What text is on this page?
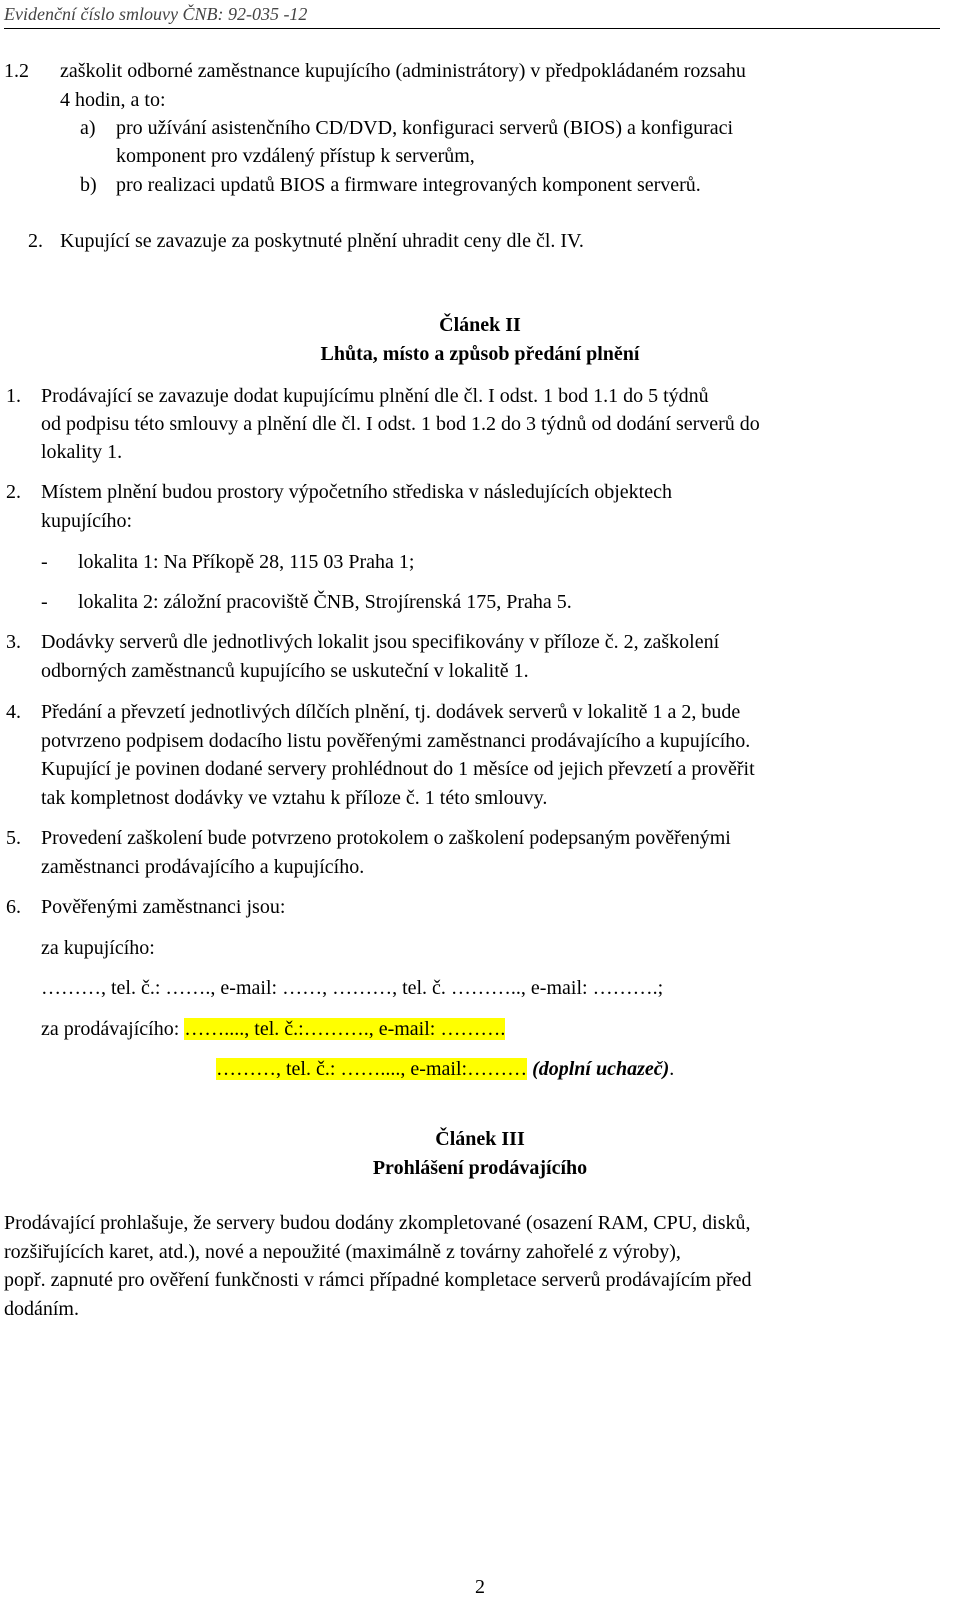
Evidenční číslo smlouvy ČNB: 92-035 -12
1.2 zaškolit odborné zaměstnance kupujícího (administrátory) v předpokládaném rozsahu
4 hodin, a to:
a) pro užívání asistenčního CD/DVD, konfiguraci serverů (BIOS) a konfiguraci
komponent pro vzdálený přístup k serverům,
b) pro realizaci updatů BIOS a firmware integrovaných komponent serverů.
2. Kupující se zavazuje za poskytnuté plnění uhradit ceny dle čl. IV.
Článek II
Lhůta, místo a způsob předání plnění
1. Prodávající se zavazuje dodat kupujícímu plnění dle čl. I odst. 1 bod 1.1 do 5 týdnů
od podpisu této smlouvy a plnění dle čl. I odst. 1 bod 1.2 do 3 týdnů od dodání serverů do
lokality 1.
2. Místem plnění budou prostory výpočetního střediska v následujících objektech
kupujícího:
- lokalita 1: Na Příkopě 28, 115 03 Praha 1;
- lokalita 2: záložní pracoviště ČNB, Strojírenská 175, Praha 5.
3. Dodávky serverů dle jednotlivých lokalit jsou specifikovány v příloze č. 2, zaškolení
odborných zaměstnanců kupujícího se uskuteční v lokalitě 1.
4. Předání a převzetí jednotlivých dílčích plnění, tj. dodávek serverů v lokalitě 1 a 2, bude
potvrzeno podpisem dodacího listu pověřenými zaměstnanci prodávajícího a kupujícího.
Kupující je povinen dodané servery prohlédnout do 1 měsíce od jejich převzetí a prověřit
tak kompletnost dodávky ve vztahu k příloze č. 1 této smlouvy.
5. Provedení zaškolení bude potvrzeno protokolem o zaškolení podepsaným pověřenými
zaměstnanci prodávajícího a kupujícího.
6. Pověřenými zaměstnanci jsou:
za kupujícího:
………, tel. č.: ……., e-mail: ……, ………, tel. č. ……….., e-mail: ……….;
za prodávajícího: ……...., tel. č.:………., e-mail: ……….
………, tel. č.: ……...., e-mail:……… (doplní uchazeč).
Článek III
Prohlášení prodávajícího
Prodávající prohlašuje, že servery budou dodány zkompletované (osazení RAM, CPU, disků,
rozšiřujících karet, atd.), nové a nepoužité (maximálně z továrny zahořelé z výroby),
popř. zapnuté pro ověření funkčnosti v rámci případné kompletace serverů prodávajícím před
dodáním.
2
